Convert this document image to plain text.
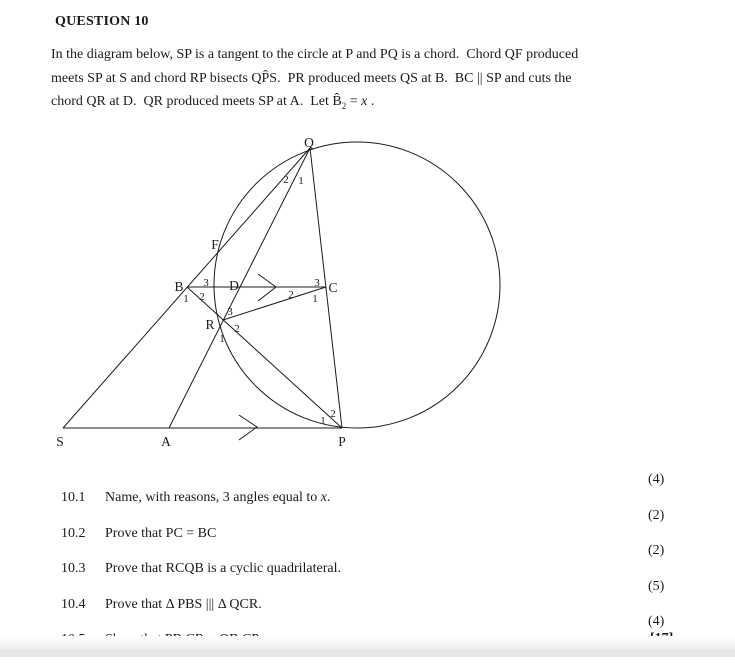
QUESTION 10
In the diagram below, SP is a tangent to the circle at P and PQ is a chord.  Chord QF produced
meets SP at S and chord RP bisects QP̂S.  PR produced meets QS at B.  BC || SP and cuts the
chord QR at D.  QR produced meets SP at A.  Let $B̂_2 = x$ .
Q
F
B	D	C
R
S	A	P
2 1
3
2
1
3
2 1
3
2
1
2
1

10.1 Name, with reasons, 3 angles equal to x.

(4)

10.2 Prove that PC = BC

(2)

10.3 Prove that RCQB is a cyclic quadrilateral.

(2)

10.4 Prove that Δ PBS ||| Δ QCR.

(5)

(4)
